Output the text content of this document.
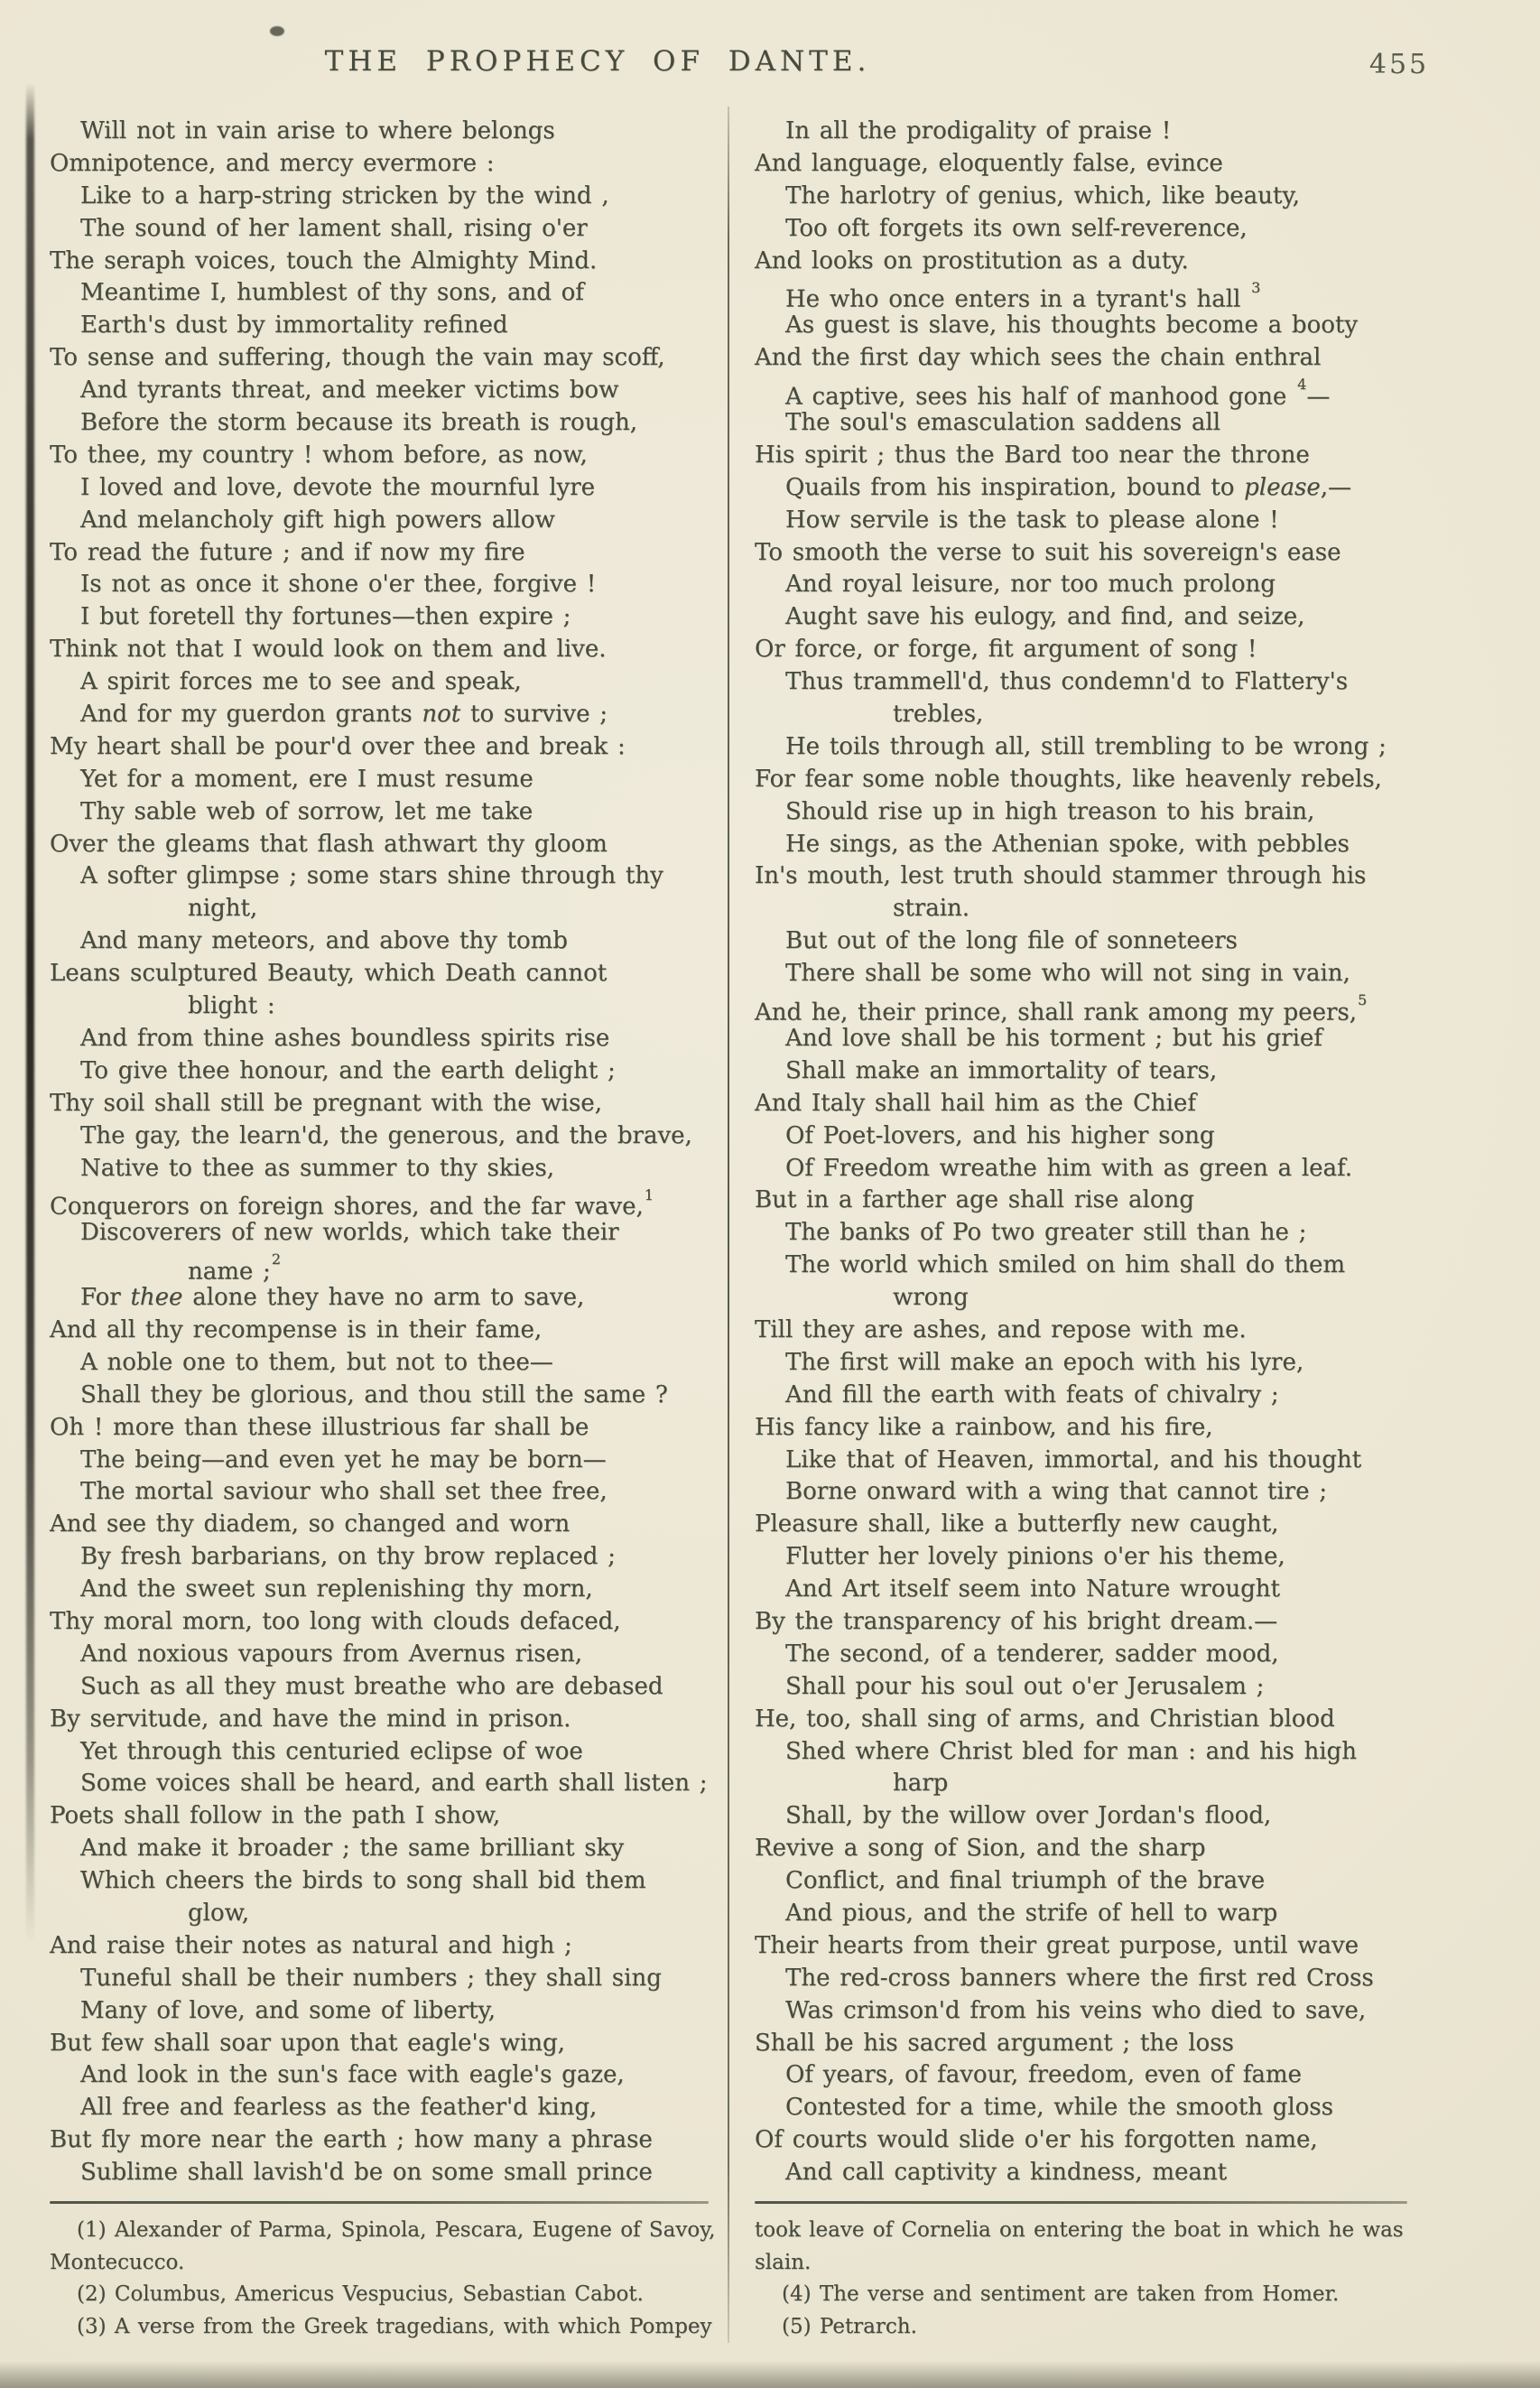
THE PROPHECY OF DANTE.	455
Will not in vain arise to where belongs
Omnipotence, and mercy evermore :
Like to a harp-string stricken by the wind ,
The sound of her lament shall, rising o'er
The seraph voices, touch the Almighty Mind.
Meantime I, humblest of thy sons, and of
Earth's dust by immortality refined
To sense and suffering, though the vain may scoff,
And tyrants threat, and meeker victims bow
Before the storm because its breath is rough,
To thee, my country ! whom before, as now,
I loved and love, devote the mournful lyre
And melancholy gift high powers allow
To read the future ; and if now my fire
Is not as once it shone o'er thee, forgive !
I but foretell thy fortunes—then expire ;
Think not that I would look on them and live.
A spirit forces me to see and speak,
And for my guerdon grants not to survive ;
My heart shall be pour'd over thee and break :
Yet for a moment, ere I must resume
Thy sable web of sorrow, let me take
Over the gleams that flash athwart thy gloom
A softer glimpse ; some stars shine through thy
night,
And many meteors, and above thy tomb
Leans sculptured Beauty, which Death cannot
blight :
And from thine ashes boundless spirits rise
To give thee honour, and the earth delight ;
Thy soil shall still be pregnant with the wise,
The gay, the learn'd, the generous, and the brave,
Native to thee as summer to thy skies,
Conquerors on foreign shores, and the far wave,$^1$
Discoverers of new worlds, which take their
name ;$^2$
For thee alone they have no arm to save,
And all thy recompense is in their fame,
A noble one to them, but not to thee—
Shall they be glorious, and thou still the same ?
Oh ! more than these illustrious far shall be
The being—and even yet he may be born—
The mortal saviour who shall set thee free,
And see thy diadem, so changed and worn
By fresh barbarians, on thy brow replaced ;
And the sweet sun replenishing thy morn,
Thy moral morn, too long with clouds defaced,
And noxious vapours from Avernus risen,
Such as all they must breathe who are debased
By servitude, and have the mind in prison.
Yet through this centuried eclipse of woe
Some voices shall be heard, and earth shall listen ;
Poets shall follow in the path I show,
And make it broader ; the same brilliant sky
Which cheers the birds to song shall bid them
glow,
And raise their notes as natural and high ;
Tuneful shall be their numbers ; they shall sing
Many of love, and some of liberty,
But few shall soar upon that eagle's wing,
And look in the sun's face with eagle's gaze,
All free and fearless as the feather'd king,
But fly more near the earth ; how many a phrase
Sublime shall lavish'd be on some small prince
(1) Alexander of Parma, Spinola, Pescara, Eugene of Savoy,
Montecucco.
(2) Columbus, Americus Vespucius, Sebastian Cabot.
(3) A verse from the Greek tragedians, with which Pompey
In all the prodigality of praise !
And language, eloquently false, evince
The harlotry of genius, which, like beauty,
Too oft forgets its own self-reverence,
And looks on prostitution as a duty.
He who once enters in a tyrant's hall $^3$
As guest is slave, his thoughts become a booty
And the first day which sees the chain enthral
A captive, sees his half of manhood gone $^4$—
The soul's emasculation saddens all
His spirit ; thus the Bard too near the throne
Quails from his inspiration, bound to please,—
How servile is the task to please alone !
To smooth the verse to suit his sovereign's ease
And royal leisure, nor too much prolong
Aught save his eulogy, and find, and seize,
Or force, or forge, fit argument of song !
Thus trammell'd, thus condemn'd to Flattery's
trebles,
He toils through all, still trembling to be wrong ;
For fear some noble thoughts, like heavenly rebels,
Should rise up in high treason to his brain,
He sings, as the Athenian spoke, with pebbles
In's mouth, lest truth should stammer through his
strain.
But out of the long file of sonneteers
There shall be some who will not sing in vain,
And he, their prince, shall rank among my peers,$^5$
And love shall be his torment ; but his grief
Shall make an immortality of tears,
And Italy shall hail him as the Chief
Of Poet-lovers, and his higher song
Of Freedom wreathe him with as green a leaf.
But in a farther age shall rise along
The banks of Po two greater still than he ;
The world which smiled on him shall do them
wrong
Till they are ashes, and repose with me.
The first will make an epoch with his lyre,
And fill the earth with feats of chivalry ;
His fancy like a rainbow, and his fire,
Like that of Heaven, immortal, and his thought
Borne onward with a wing that cannot tire ;
Pleasure shall, like a butterfly new caught,
Flutter her lovely pinions o'er his theme,
And Art itself seem into Nature wrought
By the transparency of his bright dream.—
The second, of a tenderer, sadder mood,
Shall pour his soul out o'er Jerusalem ;
He, too, shall sing of arms, and Christian blood
Shed where Christ bled for man : and his high
harp
Shall, by the willow over Jordan's flood,
Revive a song of Sion, and the sharp
Conflict, and final triumph of the brave
And pious, and the strife of hell to warp
Their hearts from their great purpose, until wave
The red-cross banners where the first red Cross
Was crimson'd from his veins who died to save,
Shall be his sacred argument ; the loss
Of years, of favour, freedom, even of fame
Contested for a time, while the smooth gloss
Of courts would slide o'er his forgotten name,
And call captivity a kindness, meant
took leave of Cornelia on entering the boat in which he was
slain.
(4) The verse and sentiment are taken from Homer.
(5) Petrarch.
